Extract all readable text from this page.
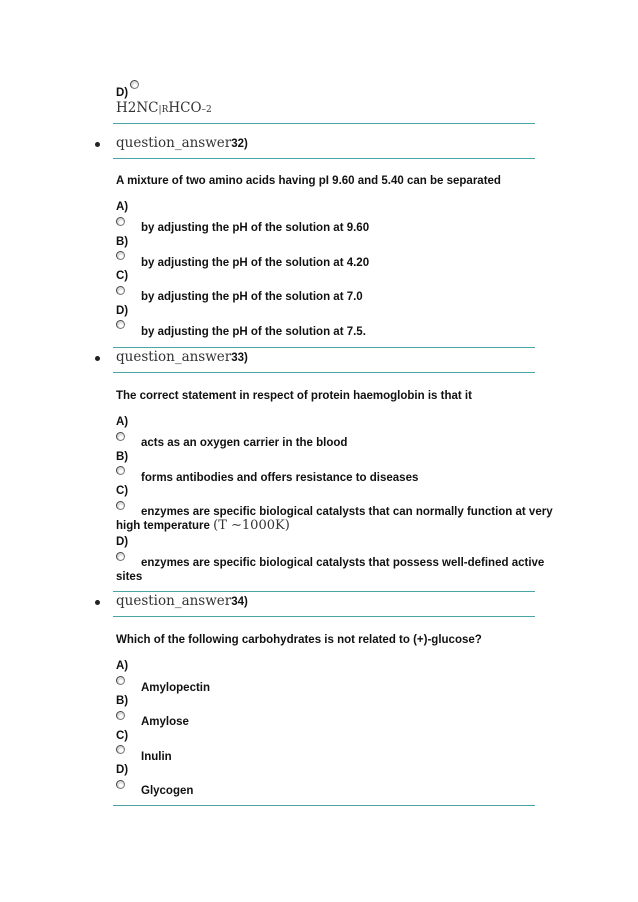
D)
H2NC|RHCO–2
question_answer32)
A mixture of two amino acids having pI 9.60 and 5.40 can be separated
A)
by adjusting the pH of the solution at 9.60
B)
by adjusting the pH of the solution at 4.20
C)
by adjusting the pH of the solution at 7.0
D)
by adjusting the pH of the solution at 7.5.
question_answer33)
The correct statement in respect of protein haemoglobin is that it
A)
acts as an oxygen carrier in the blood
B)
forms antibodies and offers resistance to diseases
C)
enzymes are specific biological catalysts that can normally function at very
high temperature (T ∼1000K)
D)
enzymes are specific biological catalysts that possess well-defined active
sites
question_answer34)
Which of the following carbohydrates is not related to (+)-glucose?
A)
Amylopectin
B)
Amylose
C)
Inulin
D)
Glycogen
